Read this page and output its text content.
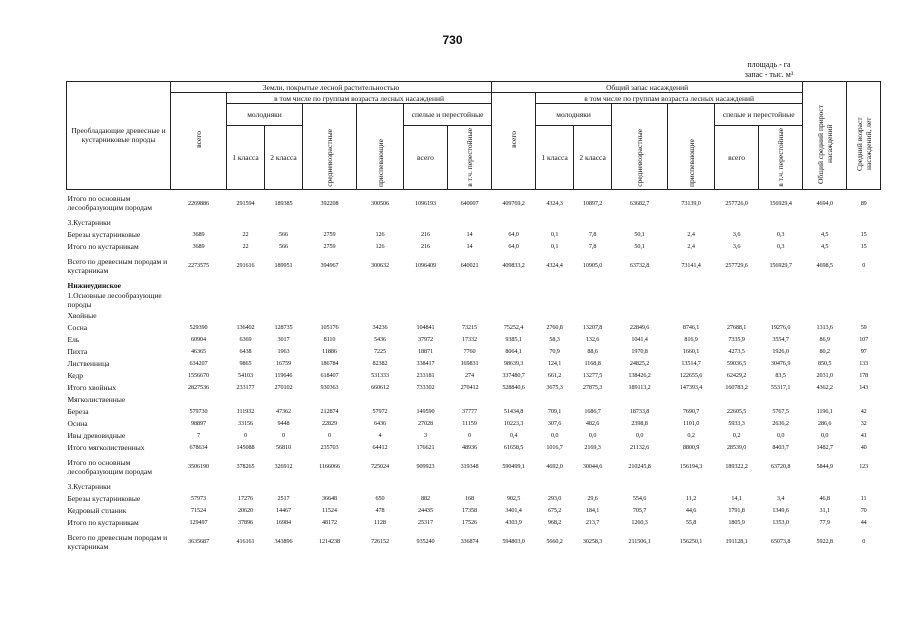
730
площадь - га
запас - тыс. м³
Преобладающие древесные и кустарниковые породы	Земли, покрытые лесной растительностью							Общий запас насаждений							Общий средний прирост насаждений	Средний возраст насаждений, лет
	всего	в том числе по группам возраста лесных насаждений						всего	в том числе по группам возраста лесных насаждений							
		молодняки		средневозрастные	приспевающие	спелые и перестойные			молодняки		средневозрастные	приспевающие	спелые и перестойные			
		1 класса	2 класса			всего	в т.ч. перестойные		1 класса	2 класса			всего	в т.ч. перестойные		
Итого по основным лесообразующим породам	2269886	291594	189385	392208	300506	1096193	640007	409769,2	4324,3	10897,2	63682,7	73139,0	257726,0	156929,4	4694,0	89
3.Кустарники																
Березы кустарниковые	3689	22	566	2759	126	216	14	64,0	0,1	7,8	50,1	2,4	3,6	0,3	4,5	15
Итого по кустарникам	3689	22	566	2759	126	216	14	64,0	0,1	7,8	50,1	2,4	3,6	0,3	4,5	15
Всего по древесным породам и кустарникам	2273575	291616	189951	394967	300632	1096409	640021	409833,2	4324,4	10905,0	63732,8	73141,4	257729,6	156929,7	4698,5	0
Нижнеудинское																
1.Основные лесообразующие породы																
Хвойные																
Сосна	529390	136402	128735	105176	34236	104841	73215	75252,4	2760,8	13207,8	22849,6	8746,1	27688,1	19276,0	1313,6	59
Ель	60904	6369	3017	8110	5436	37972	17332	9385,1	58,3	132,6	1041,4	816,9	7335,9	3554,7	86,9	107
Пихта	46365	6438	1963	11886	7225	18871	7760	8064,1	70,9	88,6	1970,8	1660,1	4273,5	1926,0	80,2	97
Лиственница	634207	9865	16759	186784	82382	338417	169831	98639,3	124,1	1168,8	24825,2	13514,7	59036,5	30476,9	850,5	133
Кедр	1556670	54103	119646	618407	531333	233181	274	337480,7	661,2	13277,5	138426,2	122655,6	62429,2	83,5	2031,0	178
Итого хвойных	2827536	233177	270102	930363	660612	733302	270412	528840,6	3675,3	27875,3	189113,2	147393,4	160783,2	55317,1	4362,2	143
Мягколиственные																
Береза	579730	111932	47362	212874	57972	149590	37777	51434,8	709,1	1686,7	18733,8	7690,7	22605,5	5767,5	1196,1	42
Осина	98897	33156	9448	22829	6436	27028	11159	10223,3	307,6	482,6	2398,8	1101,0	5933,3	2636,2	286,6	32
Ивы древовидные	7	0	0	0	4	3	0	0,4	0,0	0,0	0,0	0,2	0,2	0,0	0,0	41
Итого мягколиственных	678634	145088	56810	235703	64412	176621	48936	61658,5	1016,7	2169,3	21132,6	8800,9	28539,0	8403,7	1482,7	40
Итого по основным лесообразующим породам	3506190	378265	326912	1166066	725024	909923	319348	590499,1	4692,0	30044,6	210245,8	156194,3	189322,2	63720,8	5844,9	123
3.Кустарники																
Березы кустарниковые	57973	17276	2517	36648	650	882	168	902,5	293,0	29,6	554,6	11,2	14,1	3,4	46,8	11
Кедровый стланик	71524	20620	14467	11524	478	24435	17358	3401,4	675,2	184,1	705,7	44,6	1791,8	1349,6	31,1	70
Итого по кустарникам	129497	37896	16984	48172	1128	25317	17526	4303,9	968,2	213,7	1260,3	55,8	1805,9	1353,0	77,9	44
Всего по древесным породам и кустарникам	3635687	416161	343896	1214238	726152	935240	336874	594803,0	5660,2	30258,3	211506,1	156250,1	191128,1	65073,8	5922,8	0
